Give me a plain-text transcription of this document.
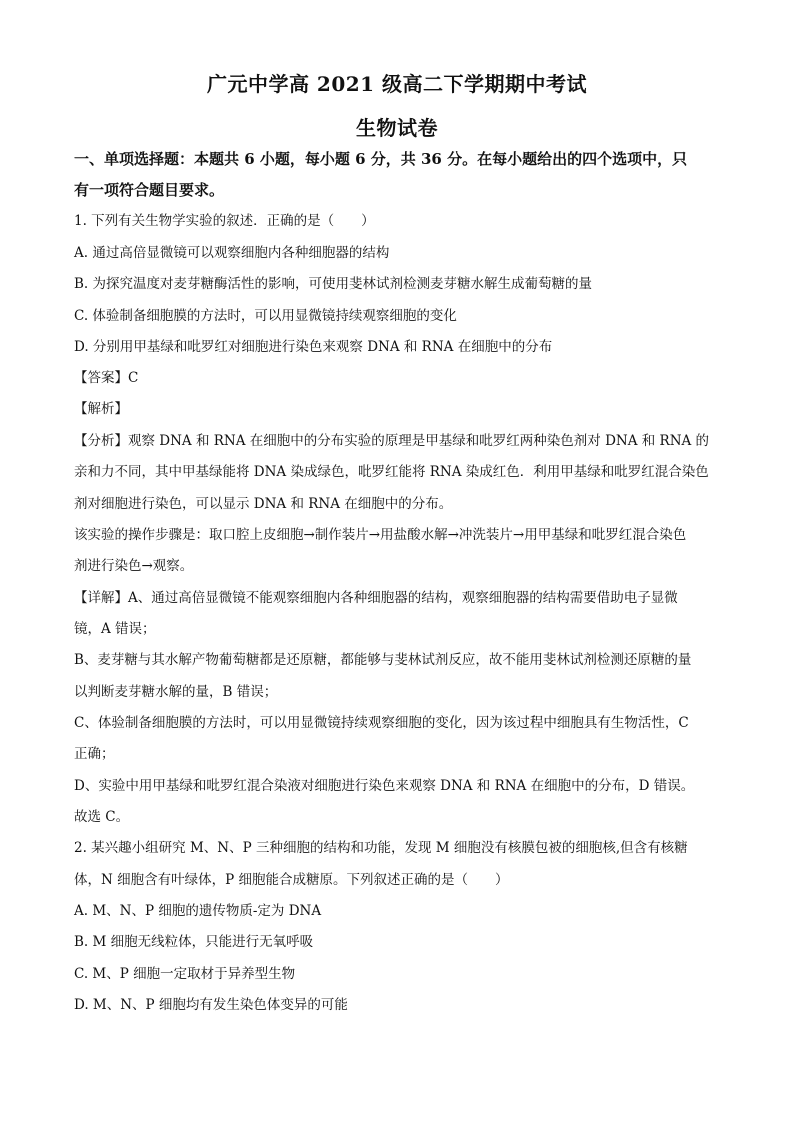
广元中学高 2021 级高二下学期期中考试
生物试卷
一、单项选择题：本题共 6 小题，每小题 6 分，共 36 分。在每小题给出的四个选项中，只
有一项符合题目要求。
1. 下列有关生物学实验的叙述．正确的是（　　）
A. 通过高倍显微镜可以观察细胞内各种细胞器的结构
B. 为探究温度对麦芽糖酶活性的影响，可使用斐林试剂检测麦芽糖水解生成葡萄糖的量
C. 体验制备细胞膜的方法时，可以用显微镜持续观察细胞的变化
D. 分别用甲基绿和吡罗红对细胞进行染色来观察 DNA 和 RNA 在细胞中的分布
【答案】C
【解析】
【分析】观察 DNA 和 RNA 在细胞中的分布实验的原理是甲基绿和吡罗红两种染色剂对 DNA 和 RNA 的
亲和力不同，其中甲基绿能将 DNA 染成绿色，吡罗红能将 RNA 染成红色．利用甲基绿和吡罗红混合染色
剂对细胞进行染色，可以显示 DNA 和 RNA 在细胞中的分布。
该实验的操作步骤是：取口腔上皮细胞→制作装片→用盐酸水解→冲洗装片→用甲基绿和吡罗红混合染色
剂进行染色→观察。
【详解】A、通过高倍显微镜不能观察细胞内各种细胞器的结构，观察细胞器的结构需要借助电子显微
镜，A 错误；
B、麦芽糖与其水解产物葡萄糖都是还原糖，都能够与斐林试剂反应，故不能用斐林试剂检测还原糖的量
以判断麦芽糖水解的量，B 错误；
C、体验制备细胞膜的方法时，可以用显微镜持续观察细胞的变化，因为该过程中细胞具有生物活性，C
正确；
D、实验中用甲基绿和吡罗红混合染液对细胞进行染色来观察 DNA 和 RNA 在细胞中的分布，D 错误。
故选 C。
2. 某兴趣小组研究 M、N、P 三种细胞的结构和功能，发现 M 细胞没有核膜包被的细胞核,但含有核糖
体，N 细胞含有叶绿体，P 细胞能合成糖原。下列叙述正确的是（　　）
A. M、N、P 细胞的遗传物质-定为 DNA
B. M 细胞无线粒体，只能进行无氧呼吸
C. M、P 细胞一定取材于异养型生物
D. M、N、P 细胞均有发生染色体变异的可能
